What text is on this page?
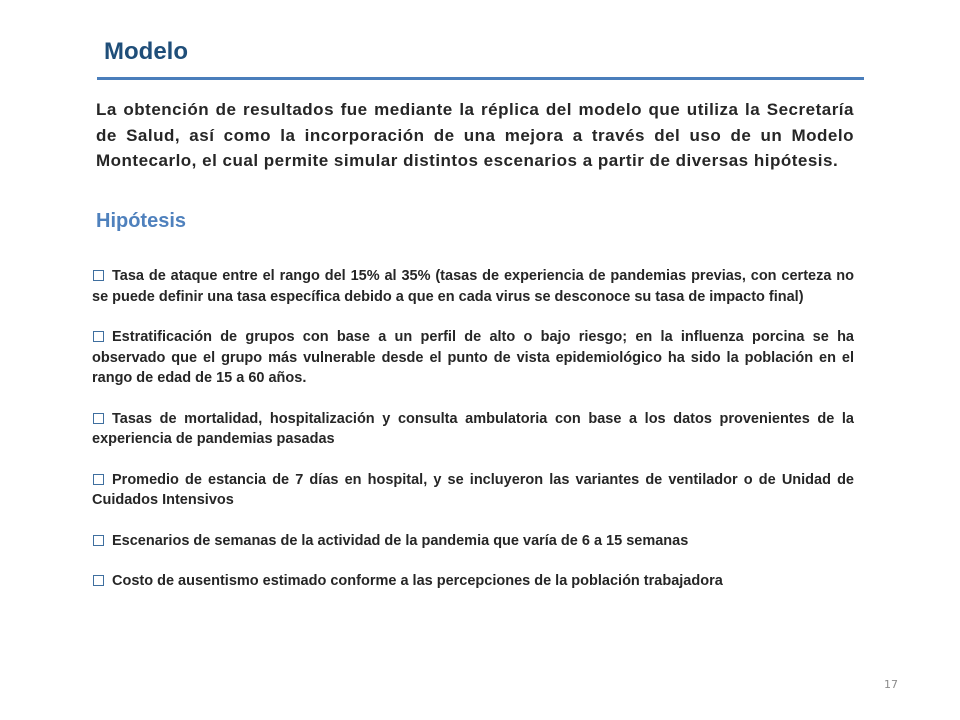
Modelo

La obtención de resultados fue mediante la réplica del modelo que utiliza la Secretaría de Salud, así como la incorporación de una mejora a través del uso de un Modelo Montecarlo, el cual permite simular distintos escenarios a partir de diversas hipótesis.

Hipótesis
Tasa de ataque entre el rango del 15% al 35% (tasas de experiencia de pandemias previas, con certeza no se puede definir una tasa específica debido a que en cada virus se desconoce su tasa de impacto final)
Estratificación de grupos con base a un perfil de alto o bajo riesgo; en la influenza porcina se ha observado que el grupo más vulnerable desde el punto de vista epidemiológico ha sido la población en el rango de edad de 15 a 60 años.
Tasas de mortalidad, hospitalización y consulta ambulatoria con base a los datos provenientes de la experiencia de pandemias pasadas
Promedio de estancia de 7 días en hospital, y se incluyeron las variantes de ventilador o de Unidad de Cuidados Intensivos
Escenarios de semanas de la actividad de la pandemia que varía de 6 a 15 semanas
Costo de ausentismo estimado conforme a las percepciones de la población trabajadora
17
